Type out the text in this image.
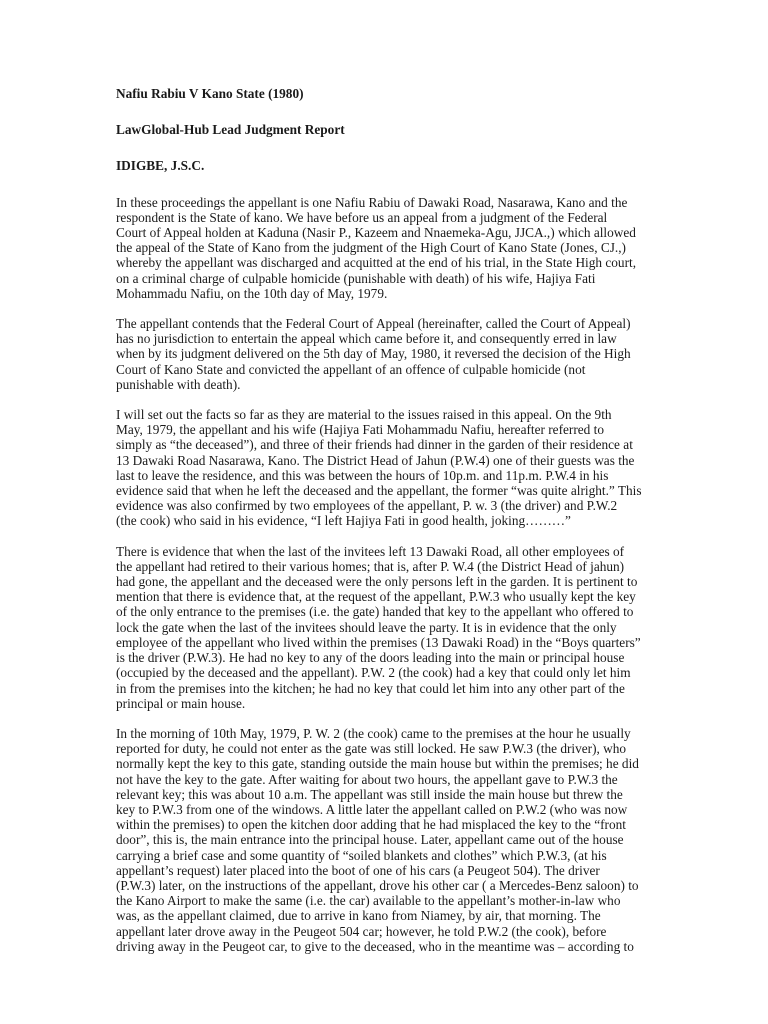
Nafiu Rabiu V Kano State (1980)

LawGlobal-Hub Lead Judgment Report

IDIGBE, J.S.C.

In these proceedings the appellant is one Nafiu Rabiu of Dawaki Road, Nasarawa, Kano and the
respondent is the State of kano. We have before us an appeal from a judgment of the Federal
Court of Appeal holden at Kaduna (Nasir P., Kazeem and Nnaemeka-Agu, JJCA.,) which allowed
the appeal of the State of Kano from the judgment of the High Court of Kano State (Jones, CJ.,)
whereby the appellant was discharged and acquitted at the end of his trial, in the State High court,
on a criminal charge of culpable homicide (punishable with death) of his wife, Hajiya Fati
Mohammadu Nafiu, on the 10th day of May, 1979.

The appellant contends that the Federal Court of Appeal (hereinafter, called the Court of Appeal)
has no jurisdiction to entertain the appeal which came before it, and consequently erred in law
when by its judgment delivered on the 5th day of May, 1980, it reversed the decision of the High
Court of Kano State and convicted the appellant of an offence of culpable homicide (not
punishable with death).

I will set out the facts so far as they are material to the issues raised in this appeal. On the 9th
May, 1979, the appellant and his wife (Hajiya Fati Mohammadu Nafiu, hereafter referred to
simply as “the deceased”), and three of their friends had dinner in the garden of their residence at
13 Dawaki Road Nasarawa, Kano. The District Head of Jahun (P.W.4) one of their guests was the
last to leave the residence, and this was between the hours of 10p.m. and 11p.m. P.W.4 in his
evidence said that when he left the deceased and the appellant, the former “was quite alright.” This
evidence was also confirmed by two employees of the appellant, P. w. 3 (the driver) and P.W.2
(the cook) who said in his evidence, “I left Hajiya Fati in good health, joking………”

There is evidence that when the last of the invitees left 13 Dawaki Road, all other employees of
the appellant had retired to their various homes; that is, after P. W.4 (the District Head of jahun)
had gone, the appellant and the deceased were the only persons left in the garden. It is pertinent to
mention that there is evidence that, at the request of the appellant, P.W.3 who usually kept the key
of the only entrance to the premises (i.e. the gate) handed that key to the appellant who offered to
lock the gate when the last of the invitees should leave the party. It is in evidence that the only
employee of the appellant who lived within the premises (13 Dawaki Road) in the “Boys quarters”
is the driver (P.W.3). He had no key to any of the doors leading into the main or principal house
(occupied by the deceased and the appellant). P.W. 2 (the cook) had a key that could only let him
in from the premises into the kitchen; he had no key that could let him into any other part of the
principal or main house.

In the morning of 10th May, 1979, P. W. 2 (the cook) came to the premises at the hour he usually
reported for duty, he could not enter as the gate was still locked. He saw P.W.3 (the driver), who
normally kept the key to this gate, standing outside the main house but within the premises; he did
not have the key to the gate. After waiting for about two hours, the appellant gave to P.W.3 the
relevant key; this was about 10 a.m. The appellant was still inside the main house but threw the
key to P.W.3 from one of the windows. A little later the appellant called on P.W.2 (who was now
within the premises) to open the kitchen door adding that he had misplaced the key to the “front
door”, this is, the main entrance into the principal house. Later, appellant came out of the house
carrying a brief case and some quantity of “soiled blankets and clothes” which P.W.3, (at his
appellant’s request) later placed into the boot of one of his cars (a Peugeot 504). The driver
(P.W.3) later, on the instructions of the appellant, drove his other car ( a Mercedes-Benz saloon) to
the Kano Airport to make the same (i.e. the car) available to the appellant’s mother-in-law who
was, as the appellant claimed, due to arrive in kano from Niamey, by air, that morning. The
appellant later drove away in the Peugeot 504 car; however, he told P.W.2 (the cook), before
driving away in the Peugeot car, to give to the deceased, who in the meantime was – according to
